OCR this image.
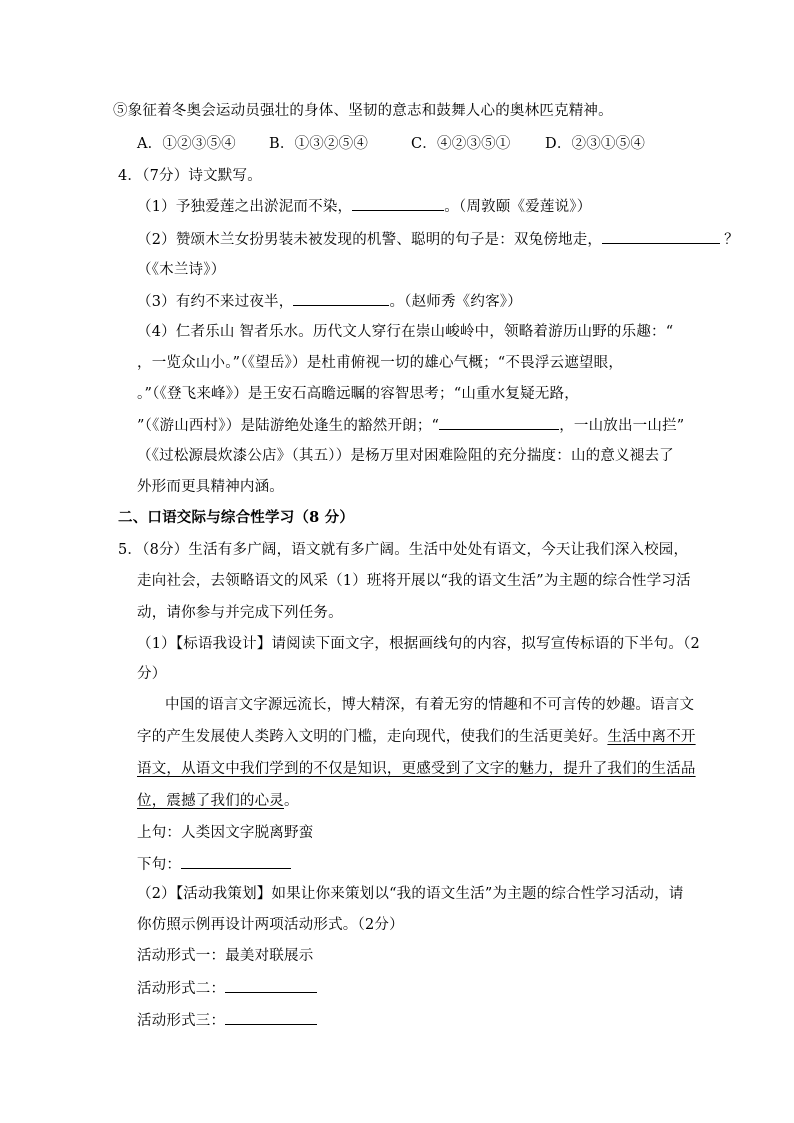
⑤象征着冬奥会运动员强壮的身体、坚韧的意志和鼓舞人心的奥林匹克精神。
A．①②③⑤④ B．①③②⑤④	C．④②③⑤① D．②③①⑤④
4．（7分）诗文默写。
（1）予独爱莲之出淤泥而不染，	。（周敦颐《爱莲说》）
（2）赞颂木兰女扮男装未被发现的机警、聪明的句子是：双兔傍地走，	？
（《木兰诗》）
（3）有约不来过夜半，	。（赵师秀《约客》）
（4）仁者乐山 智者乐水。历代文人穿行在崇山峻岭中，领略着游历山野的乐趣：“
，一览众山小。”（《望岳》）是杜甫俯视一切的雄心气概；“不畏浮云遮望眼，
。”（《登飞来峰》）是王安石高瞻远瞩的容智思考；“山重水复疑无路，
”（《游山西村》）是陆游绝处逢生的豁然开朗；“	，一山放出一山拦”
（《过松源晨炊漆公店》（其五））是杨万里对困难险阻的充分揣度：山的意义褪去了
外形而更具精神内涵。
二、口语交际与综合性学习（8 分）
5．（8分）生活有多广阔，语文就有多广阔。生活中处处有语文，今天让我们深入校园，
走向社会，去领略语文的风采（1）班将开展以“我的语文生活”为主题的综合性学习活
动，请你参与并完成下列任务。
（1）【标语我设计】请阅读下面文字，根据画线句的内容，拟写宣传标语的下半句。（2
分）
中国的语言文字源远流长，博大精深，有着无穷的情趣和不可言传的妙趣。语言文
字的产生发展使人类跨入文明的门槛，走向现代，使我们的生活更美好。生活中离不开
语文，从语文中我们学到的不仅是知识，更感受到了文字的魅力，提升了我们的生活品
位，震撼了我们的心灵。
上句：人类因文字脱离野蛮
下句：
（2）【活动我策划】如果让你来策划以“我的语文生活”为主题的综合性学习活动，请
你仿照示例再设计两项活动形式。（2分）
活动形式一：最美对联展示
活动形式二：
活动形式三：
